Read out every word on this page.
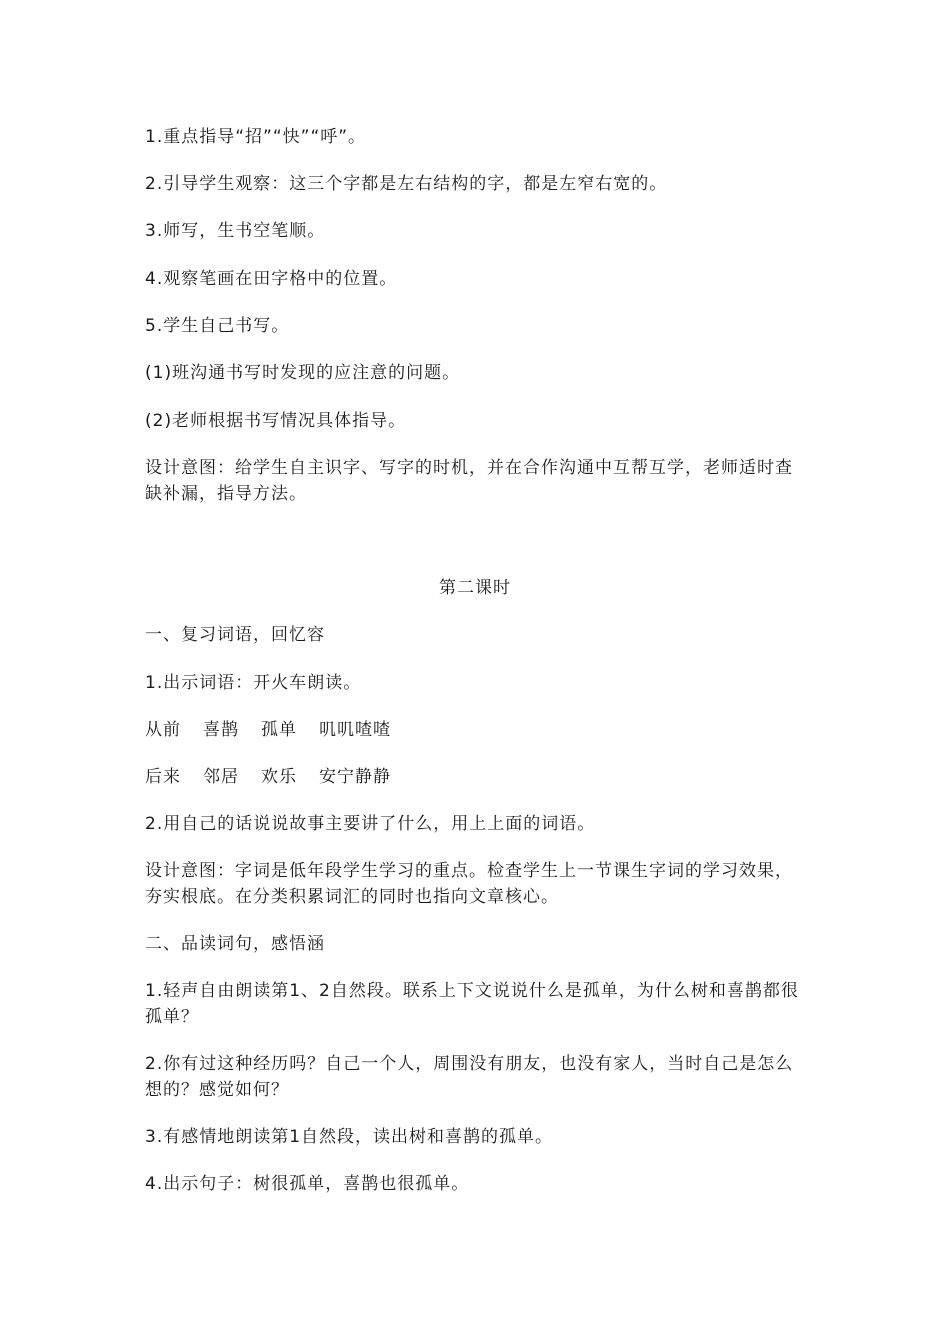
1.重点指导“招”“快”“呼”。

2.引导学生观察：这三个字都是左右结构的字，都是左窄右宽的。

3.师写，生书空笔顺。

4.观察笔画在田字格中的位置。

5.学生自己书写。

(1)班沟通书写时发现的应注意的问题。

(2)老师根据书写情况具体指导。

设计意图：给学生自主识字、写字的时机，并在合作沟通中互帮互学，老师适时查缺补漏，指导方法。

第二课时

一、复习词语，回忆容

1.出示词语：开火车朗读。

从前	喜鹊	孤单	叽叽喳喳
后来	邻居	欢乐	安宁静静

2.用自己的话说说故事主要讲了什么，用上上面的词语。

设计意图：字词是低年段学生学习的重点。检查学生上一节课生字词的学习效果，夯实根底。在分类积累词汇的同时也指向文章核心。

二、品读词句，感悟涵

1.轻声自由朗读第1、2自然段。联系上下文说说什么是孤单，为什么树和喜鹊都很孤单？

2.你有过这种经历吗？自己一个人，周围没有朋友，也没有家人，当时自己是怎么想的？感觉如何？

3.有感情地朗读第1自然段，读出树和喜鹊的孤单。

4.出示句子：树很孤单，喜鹊也很孤单。
